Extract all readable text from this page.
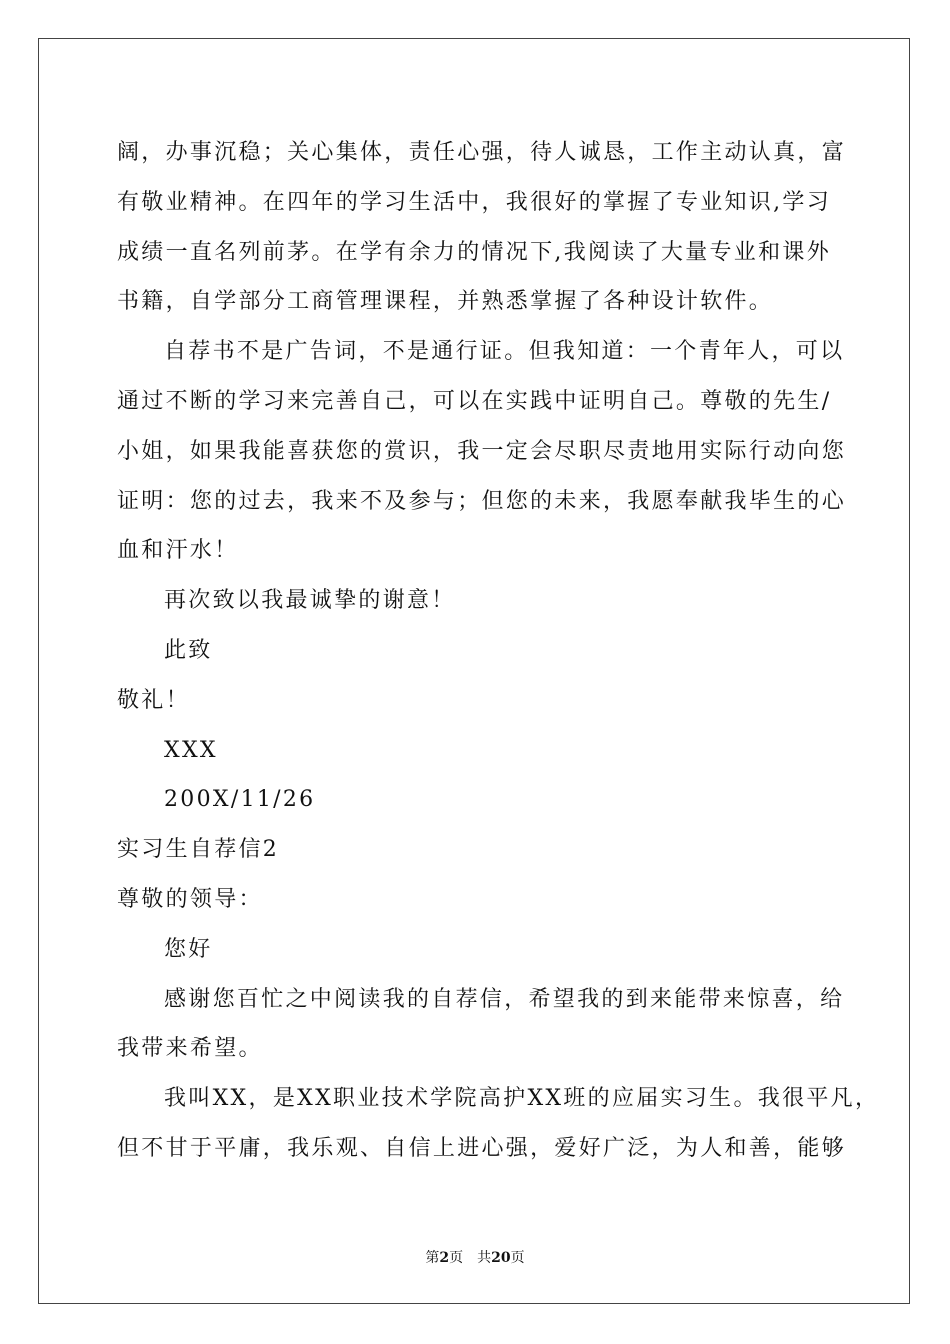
阔，办事沉稳；关心集体，责任心强，待人诚恳，工作主动认真，富
有敬业精神。在四年的学习生活中，我很好的掌握了专业知识,学习
成绩一直名列前茅。在学有余力的情况下,我阅读了大量专业和课外
书籍，自学部分工商管理课程，并熟悉掌握了各种设计软件。
自荐书不是广告词，不是通行证。但我知道：一个青年人，可以
通过不断的学习来完善自己，可以在实践中证明自己。尊敬的先生/
小姐，如果我能喜获您的赏识，我一定会尽职尽责地用实际行动向您
证明：您的过去，我来不及参与；但您的未来，我愿奉献我毕生的心
血和汗水！
再次致以我最诚挚的谢意！
此致
敬礼！
XXX
200X/11/26
实习生自荐信2
尊敬的领导：
您好
感谢您百忙之中阅读我的自荐信，希望我的到来能带来惊喜，给
我带来希望。
我叫XX，是XX职业技术学院高护XX班的应届实习生。我很平凡，
但不甘于平庸，我乐观、自信上进心强，爱好广泛，为人和善，能够
第2页 共20页
